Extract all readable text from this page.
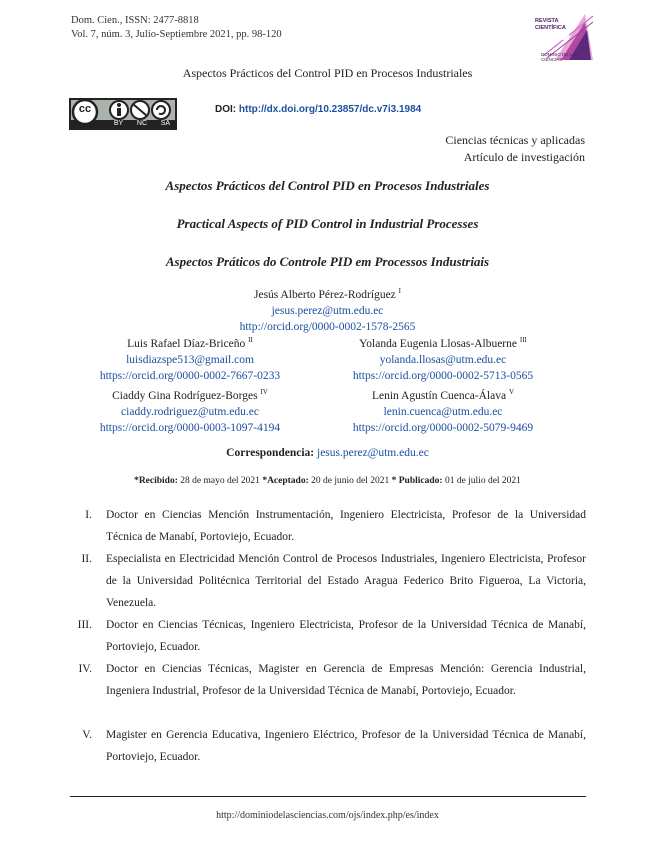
Dom. Cien., ISSN: 2477-8818
Vol. 7, núm. 3, Julio-Septiembre 2021, pp. 98-120
REVISTA CIENTÍFICA
DOMINIO DE LAS CIENCIAS
Aspectos Prácticos del Control PID en Procesos Industriales
cc
BY NC SA
DOI: http://dx.doi.org/10.23857/dc.v7i3.1984
Ciencias técnicas y aplicadas
Artículo de investigación
Aspectos Prácticos del Control PID en Procesos Industriales
Practical Aspects of PID Control in Industrial Processes
Aspectos Práticos do Controle PID em Processos Industriais
Jesús Alberto Pérez-Rodríguez $^I$
jesus.perez@utm.edu.ec
http://orcid.org/0000-0002-1578-2565
Luis Rafael Díaz-Briceño $^{II}$
luisdiazspe513@gmail.com
https://orcid.org/0000-0002-7667-0233
Yolanda Eugenia Llosas-Albuerne $^{III}$
yolanda.llosas@utm.edu.ec
https://orcid.org/0000-0002-5713-0565
Ciaddy Gina Rodríguez-Borges $^{IV}$
ciaddy.rodriguez@utm.edu.ec
https://orcid.org/0000-0003-1097-4194
Lenin Agustín Cuenca-Álava $^V$
lenin.cuenca@utm.edu.ec
https://orcid.org/0000-0002-5079-9469
Correspondencia: jesus.perez@utm.edu.ec
*Recibido: 28 de mayo del 2021 *Aceptado: 20 de junio del 2021 * Publicado: 01 de julio del 2021
I. Doctor en Ciencias Mención Instrumentación, Ingeniero Electricista, Profesor de la Universidad Técnica de Manabí, Portoviejo, Ecuador.
II. Especialista en Electricidad Mención Control de Procesos Industriales, Ingeniero Electricista, Profesor de la Universidad Politécnica Territorial del Estado Aragua Federico Brito Figueroa, La Victoria, Venezuela.
III. Doctor en Ciencias Técnicas, Ingeniero Electricista, Profesor de la Universidad Técnica de Manabí, Portoviejo, Ecuador.
IV. Doctor en Ciencias Técnicas, Magister en Gerencia de Empresas Mención: Gerencia Industrial, Ingeniera Industrial, Profesor de la Universidad Técnica de Manabí, Portoviejo, Ecuador.
V. Magister en Gerencia Educativa, Ingeniero Eléctrico, Profesor de la Universidad Técnica de Manabí, Portoviejo, Ecuador.
http://dominiodelasciencias.com/ojs/index.php/es/index
